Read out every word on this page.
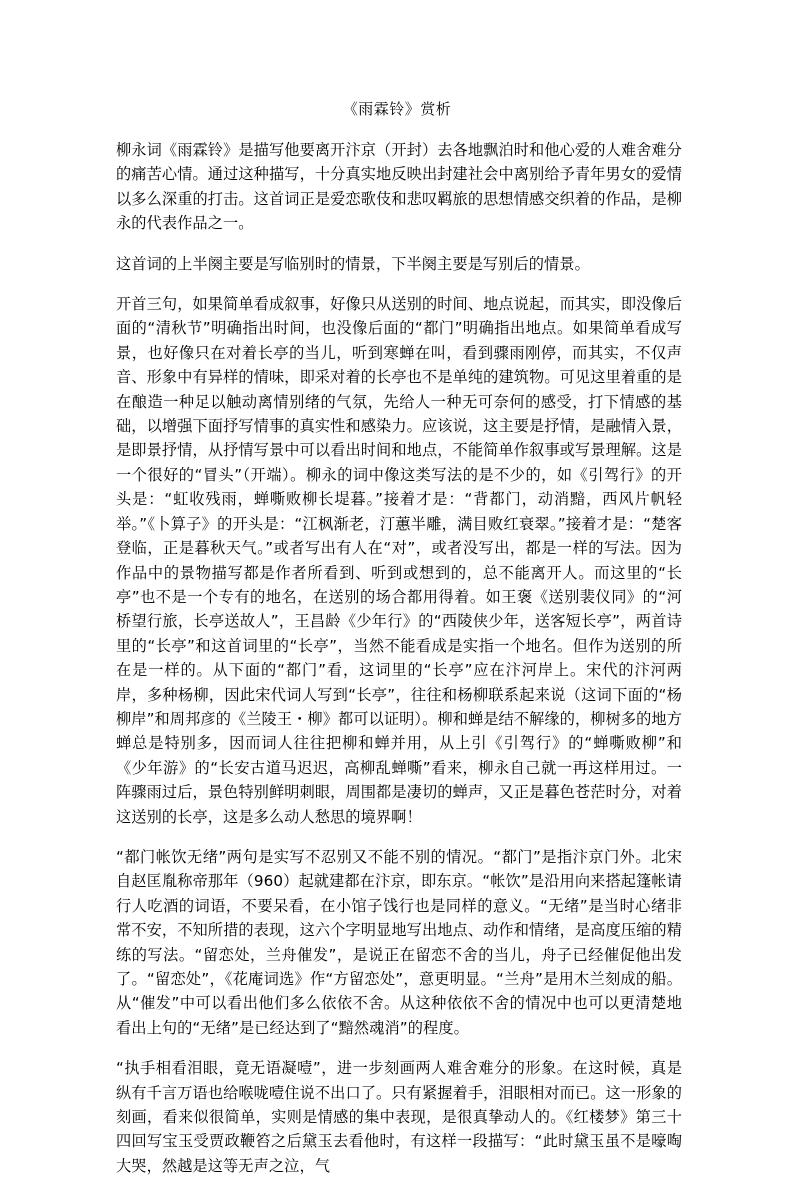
《雨霖铃》赏析

柳永词《雨霖铃》是描写他要离开汴京（开封）去各地飘泊时和他心爱的人难舍难分的痛苦心情。通过这种描写，十分真实地反映出封建社会中离别给予青年男女的爱情以多么深重的打击。这首词正是爱恋歌伎和悲叹羁旅的思想情感交织着的作品，是柳永的代表作品之一。

这首词的上半阕主要是写临别时的情景，下半阕主要是写别后的情景。

开首三句，如果简单看成叙事，好像只从送别的时间、地点说起，而其实，即没像后面的“清秋节”明确指出时间，也没像后面的“都门”明确指出地点。如果简单看成写景，也好像只在对着长亭的当儿，听到寒蝉在叫，看到骤雨刚停，而其实，不仅声音、形象中有异样的情味，即采对着的长亭也不是单纯的建筑物。可见这里着重的是在酿造一种足以触动离情别绪的气氛，先给人一种无可奈何的感受，打下情感的基础，以增强下面抒写情事的真实性和感染力。应该说，这主要是抒情，是融情入景，是即景抒情，从抒情写景中可以看出时间和地点，不能简单作叙事或写景理解。这是一个很好的“冒头”（开端）。柳永的词中像这类写法的是不少的，如《引驾行》的开头是：“虹收残雨，蝉嘶败柳长堤暮。”接着才是：“背都门，动消黯，西风片帆轻举。”《卜算子》的开头是：“江枫渐老，汀蕙半雕，满目败红衰翠。”接着才是：“楚客登临，正是暮秋天气。”或者写出有人在“对”，或者没写出，都是一样的写法。因为作品中的景物描写都是作者所看到、听到或想到的，总不能离开人。而这里的“长亭”也不是一个专有的地名，在送别的场合都用得着。如王褒《送别裴仪同》的“河桥望行旅，长亭送故人”，王昌龄《少年行》的“西陵侠少年，送客短长亭”，两首诗里的“长亭”和这首词里的“长亭”，当然不能看成是实指一个地名。但作为送别的所在是一样的。从下面的“都门”看，这词里的“长亭”应在汴河岸上。宋代的汴河两岸，多种杨柳，因此宋代词人写到“长亭”，往往和杨柳联系起来说（这词下面的“杨柳岸”和周邦彦的《兰陵王・柳》都可以证明）。柳和蝉是结不解缘的，柳树多的地方蝉总是特别多，因而词人往往把柳和蝉并用，从上引《引驾行》的“蝉嘶败柳”和《少年游》的“长安古道马迟迟，高柳乱蝉嘶”看来，柳永自己就一再这样用过。一阵骤雨过后，景色特别鲜明刺眼，周围都是凄切的蝉声，又正是暮色苍茫时分，对着这送别的长亭，这是多么动人愁思的境界啊！

“都门帐饮无绪”两句是实写不忍别又不能不别的情况。“都门”是指汴京门外。北宋自赵匡胤称帝那年（960）起就建都在汴京，即东京。“帐饮”是沿用向来搭起篷帐请行人吃酒的词语，不要呆看，在小馆子饯行也是同样的意义。“无绪”是当时心绪非常不安，不知所措的表现，这六个字明显地写出地点、动作和情绪，是高度压缩的精练的写法。“留恋处，兰舟催发”，是说正在留恋不舍的当儿，舟子已经催促他出发了。“留恋处”，《花庵词选》作“方留恋处”，意更明显。“兰舟”是用木兰刻成的船。从“催发”中可以看出他们多么依依不舍。从这种依依不舍的情况中也可以更清楚地看出上句的“无绪”是已经达到了“黯然魂消”的程度。

“执手相看泪眼，竟无语凝噎”，进一步刻画两人难舍难分的形象。在这时候，真是纵有千言万语也给喉咙噎住说不出口了。只有紧握着手，泪眼相对而已。这一形象的刻画，看来似很简单，实则是情感的集中表现，是很真挚动人的。《红楼梦》第三十四回写宝玉受贾政鞭笞之后黛玉去看他时，有这样一段描写：“此时黛玉虽不是嚎啕大哭，然越是这等无声之泣，气
